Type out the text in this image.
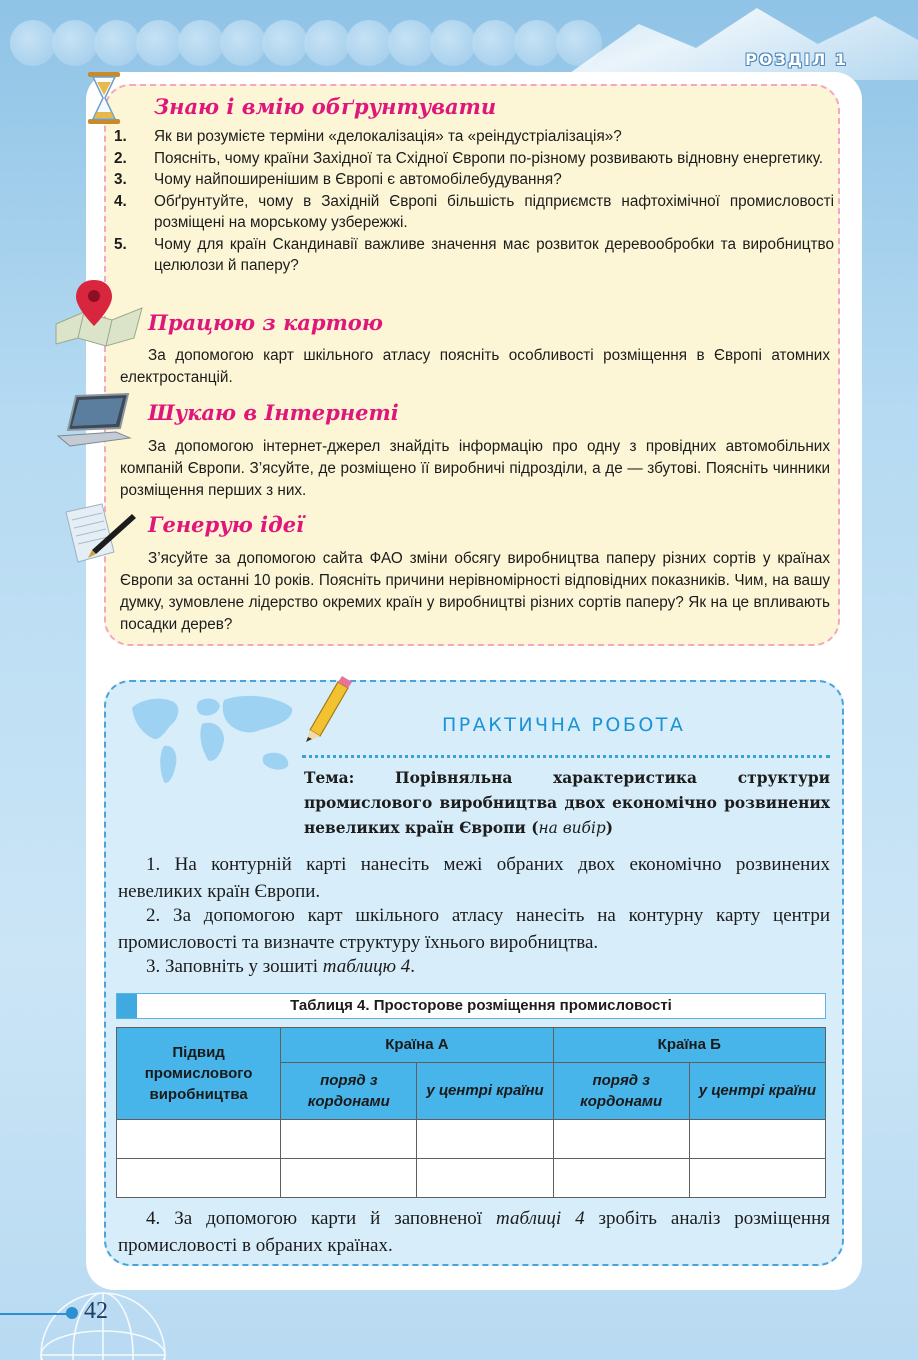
РОЗДІЛ 1
Знаю і вмію обґрунтувати
1.	Як ви розумієте терміни «делокалізація» та «реіндустріалізація»?
2.	Поясніть, чому країни Західної та Східної Європи по-різному розвивають відновну енергетику.
3.	Чому найпоширенішим в Європі є автомобілебудування?
4.	Обґрунтуйте, чому в Західній Європі більшість підприємств нафтохімічної промисловості розміщені на морському узбережжі.
5.	Чому для країн Скандинавії важливе значення має розвиток деревообробки та виробництво целюлози й паперу?
Працюю з картою

За допомогою карт шкільного атласу поясніть особливості розміщення в Європі атомних електростанцій.

Шукаю в Інтернеті

За допомогою інтернет-джерел знайдіть інформацію про одну з провідних автомобільних компаній Європи. З’ясуйте, де розміщено її виробничі підрозділи, а де — збутові. Поясніть чинники розміщення перших з них.

Генерую ідеї

З’ясуйте за допомогою сайта ФАО зміни обсягу виробництва паперу різних сортів у країнах Європи за останні 10 років. Поясніть причини нерівномірності відповідних показників. Чим, на вашу думку, зумовлене лідерство окремих країн у виробництві різних сортів паперу? Як на це впливають посадки дерев?

ПРАКТИЧНА РОБОТА

Тема: Порівняльна характеристика структури промислового виробництва двох економічно розвинених невеликих країн Європи (на вибір)

1. На контурній карті нанесіть межі обраних двох економічно розвинених невеликих країн Європи.

2. За допомогою карт шкільного атласу нанесіть на контурну карту центри промисловості та визначте структуру їхнього виробництва.

3. Заповніть у зошиті таблицю 4.

Таблиця 4. Просторове розміщення промисловості
Підвид промислового виробництва	Країна А		Країна Б	
	поряд з кордонами	у центрі країни	поряд з кордонами	у центрі країни

4. За допомогою карти й заповненої таблиці 4 зробіть аналіз розміщення промисловості в обраних країнах.

42
